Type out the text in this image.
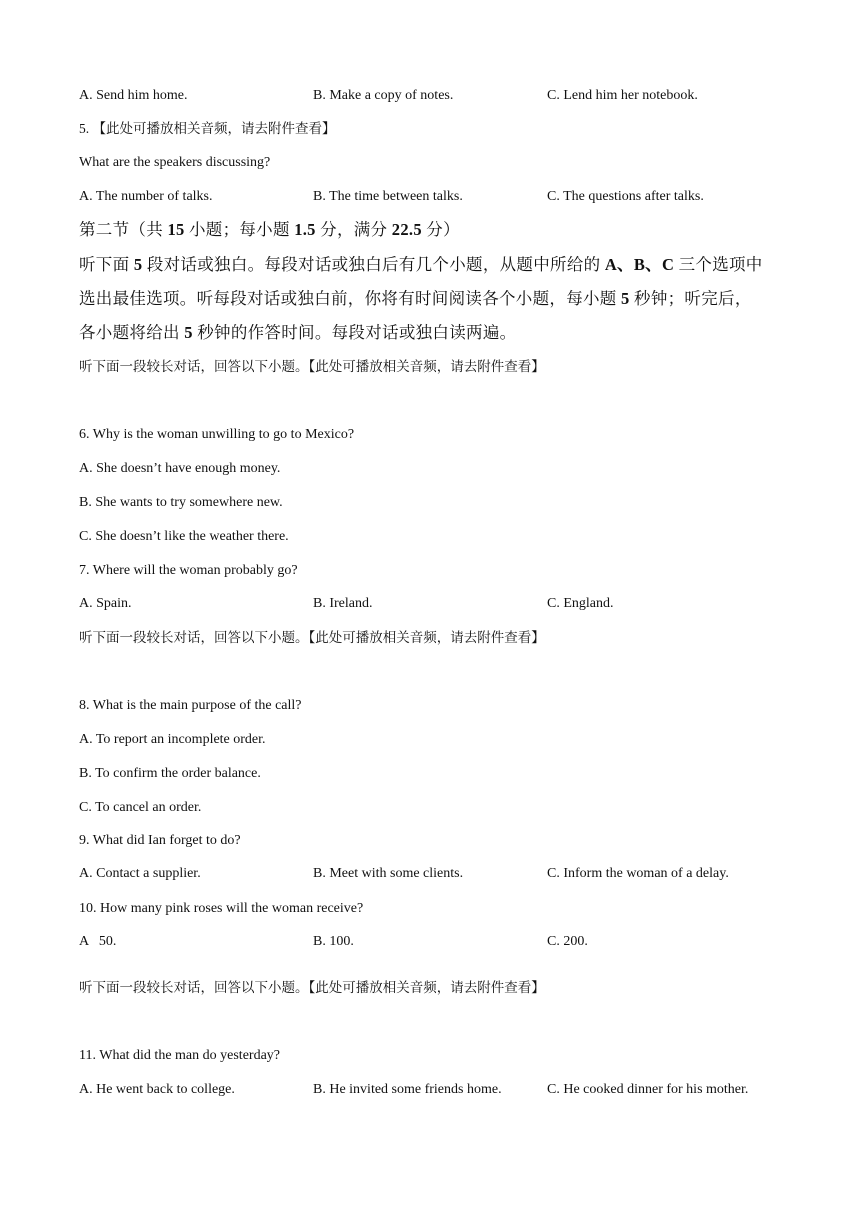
A. Send him home.	B. Make a copy of notes.	C. Lend him her notebook.
5. 【此处可播放相关音频，请去附件查看】
What are the speakers discussing?
A. The number of talks.	B. The time between talks.	C. The questions after talks.
第二节（共 15 小题；每小题 1.5 分，满分 22.5 分）
听下面 5 段对话或独白。每段对话或独白后有几个小题，从题中所给的 A、B、C 三个选项中
选出最佳选项。听每段对话或独白前，你将有时间阅读各个小题，每小题 5 秒钟；听完后，
各小题将给出 5 秒钟的作答时间。每段对话或独白读两遍。
听下面一段较长对话，回答以下小题。【此处可播放相关音频，请去附件查看】
6. Why is the woman unwilling to go to Mexico?
A. She doesn’t have enough money.
B. She wants to try somewhere new.
C. She doesn’t like the weather there.
7. Where will the woman probably go?
A. Spain.	B. Ireland.	C. England.
听下面一段较长对话，回答以下小题。【此处可播放相关音频，请去附件查看】
8. What is the main purpose of the call?
A. To report an incomplete order.
B. To confirm the order balance.
C. To cancel an order.
9. What did Ian forget to do?
A. Contact a supplier.	B. Meet with some clients.	C. Inform the woman of a delay.
10. How many pink roses will the woman receive?
A   50.	B. 100.	C. 200.
听下面一段较长对话，回答以下小题。【此处可播放相关音频，请去附件查看】
11. What did the man do yesterday?
A. He went back to college.	B. He invited some friends home.	C. He cooked dinner for his mother.
